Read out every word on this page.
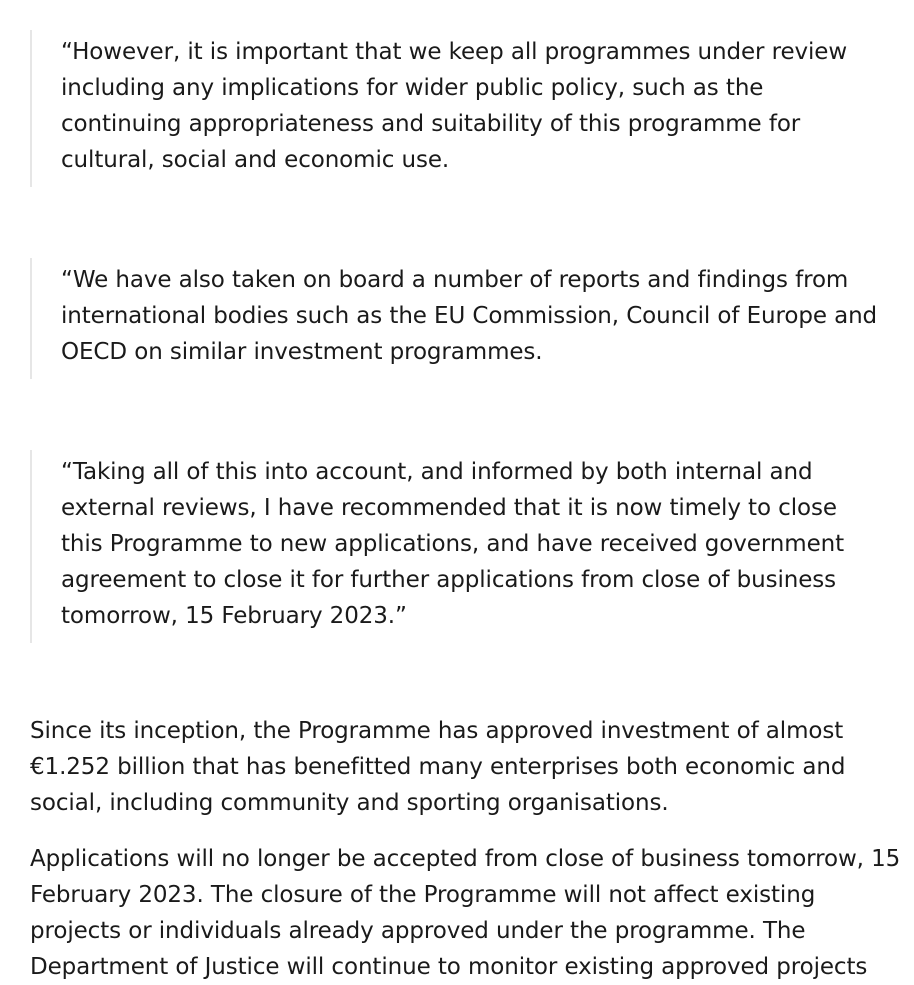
“However, it is important that we keep all programmes under review including any implications for wider public policy, such as the continuing appropriateness and suitability of this programme for cultural, social and economic use.

“We have also taken on board a number of reports and findings from international bodies such as the EU Commission, Council of Europe and OECD on similar investment programmes.

“Taking all of this into account, and informed by both internal and external reviews, I have recommended that it is now timely to close this Programme to new applications, and have received government agreement to close it for further applications from close of business tomorrow, 15 February 2023.”

Since its inception, the Programme has approved investment of almost €1.252 billion that has benefitted many enterprises both economic and social, including community and sporting organisations.

Applications will no longer be accepted from close of business tomorrow, 15 February 2023. The closure of the Programme will not affect existing projects or individuals already approved under the programme. The Department of Justice will continue to monitor existing approved projects
